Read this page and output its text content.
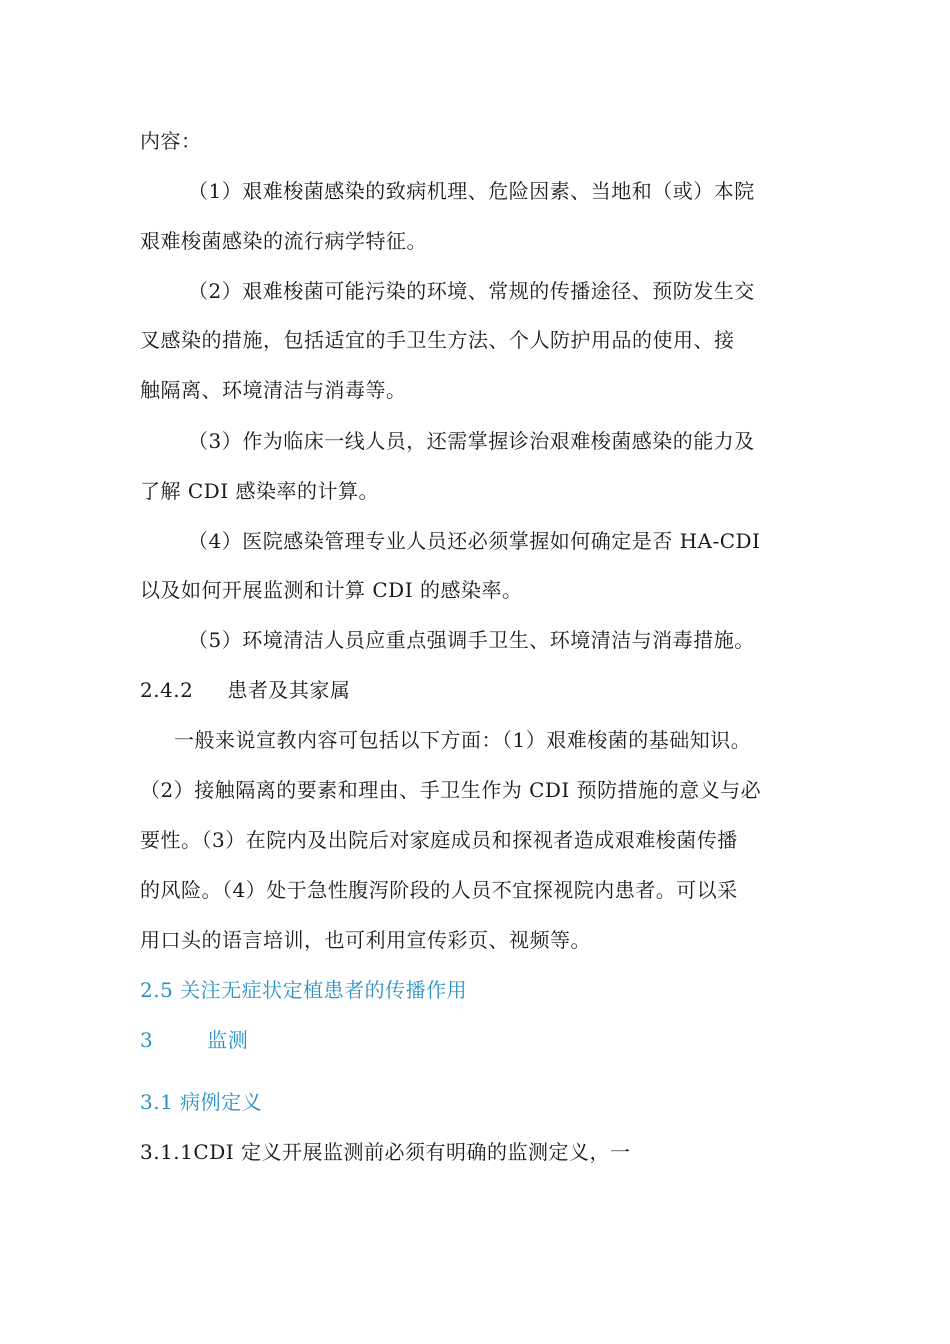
内容：
（1）艰难梭菌感染的致病机理、危险因素、当地和（或）本院
艰难梭菌感染的流行病学特征。
（2）艰难梭菌可能污染的环境、常规的传播途径、预防发生交
叉感染的措施，包括适宜的手卫生方法、个人防护用品的使用、接
触隔离、环境清洁与消毒等。
（3）作为临床一线人员，还需掌握诊治艰难梭菌感染的能力及
了解 CDI 感染率的计算。
（4）医院感染管理专业人员还必须掌握如何确定是否 HA-CDI
以及如何开展监测和计算 CDI 的感染率。
（5）环境清洁人员应重点强调手卫生、环境清洁与消毒措施。
2.4.2 患者及其家属
一般来说宣教内容可包括以下方面：（1）艰难梭菌的基础知识。
（2）接触隔离的要素和理由、手卫生作为 CDI 预防措施的意义与必
要性。（3）在院内及出院后对家庭成员和探视者造成艰难梭菌传播
的风险。（4）处于急性腹泻阶段的人员不宜探视院内患者。可以采
用口头的语言培训，也可利用宣传彩页、视频等。
2.5 关注无症状定植患者的传播作用
3	监测
3.1 病例定义
3.1.1CDI 定义开展监测前必须有明确的监测定义，一
